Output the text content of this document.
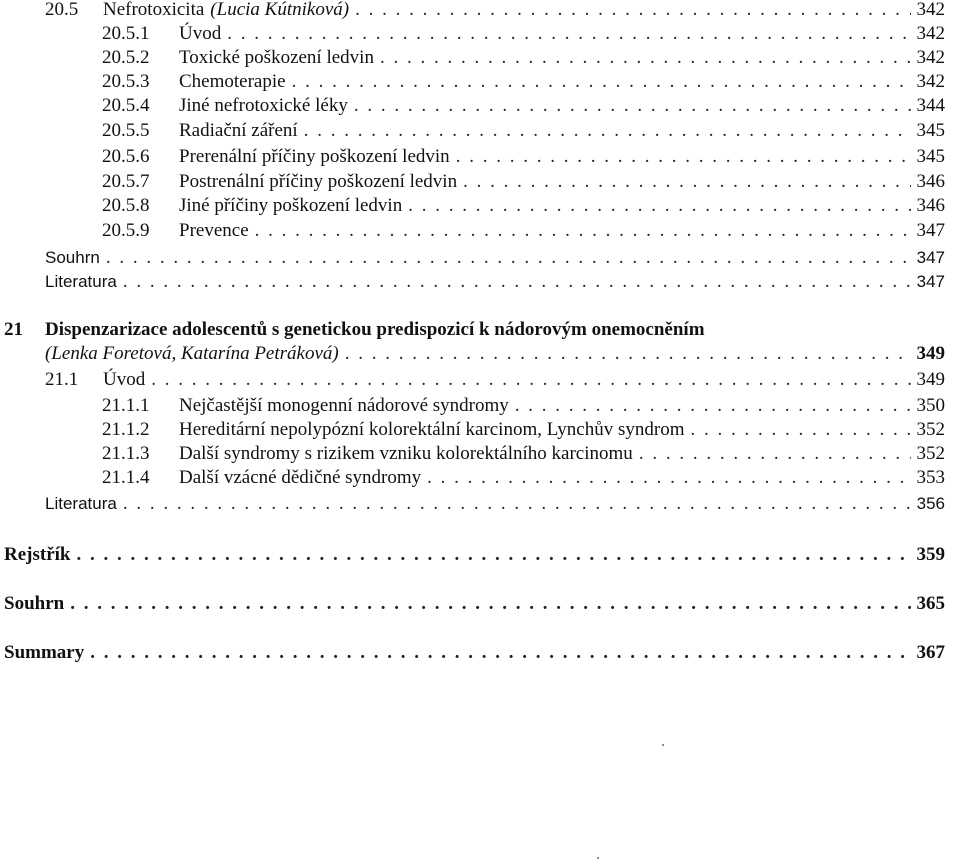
20.5	Nefrotoxicita (Lucia Kútniková) . . .	342
20.5.1	Úvod . . .	342
20.5.2	Toxické poškození ledvin . . .	342
20.5.3	Chemoterapie . . .	342
20.5.4	Jiné nefrotoxické léky . . .	344
20.5.5	Radiační záření . . .	345
20.5.6	Prerenální příčiny poškození ledvin . . .	345
20.5.7	Postrenální příčiny poškození ledvin . . .	346
20.5.8	Jiné příčiny poškození ledvin . . .	346
20.5.9	Prevence . . .	347
Souhrn . . .	347
Literatura . . .	347
21	Dispenzarizace adolescentů s genetickou predispozicí k nádorovým onemocněním
(Lenka Foretová, Katarína Petráková) . . .	349
21.1	Úvod . . .	349
21.1.1	Nejčastější monogenní nádorové syndromy . . .	350
21.1.2	Hereditární nepolypózní kolorektální karcinom, Lynchův syndrom . . .	352
21.1.3	Další syndromy s rizikem vzniku kolorektálního karcinomu . . .	352
21.1.4	Další vzácné dědičné syndromy . . .	353
Literatura . . .	356
Rejstřík . . .	359
Souhrn . . .	365
Summary . . .	367
